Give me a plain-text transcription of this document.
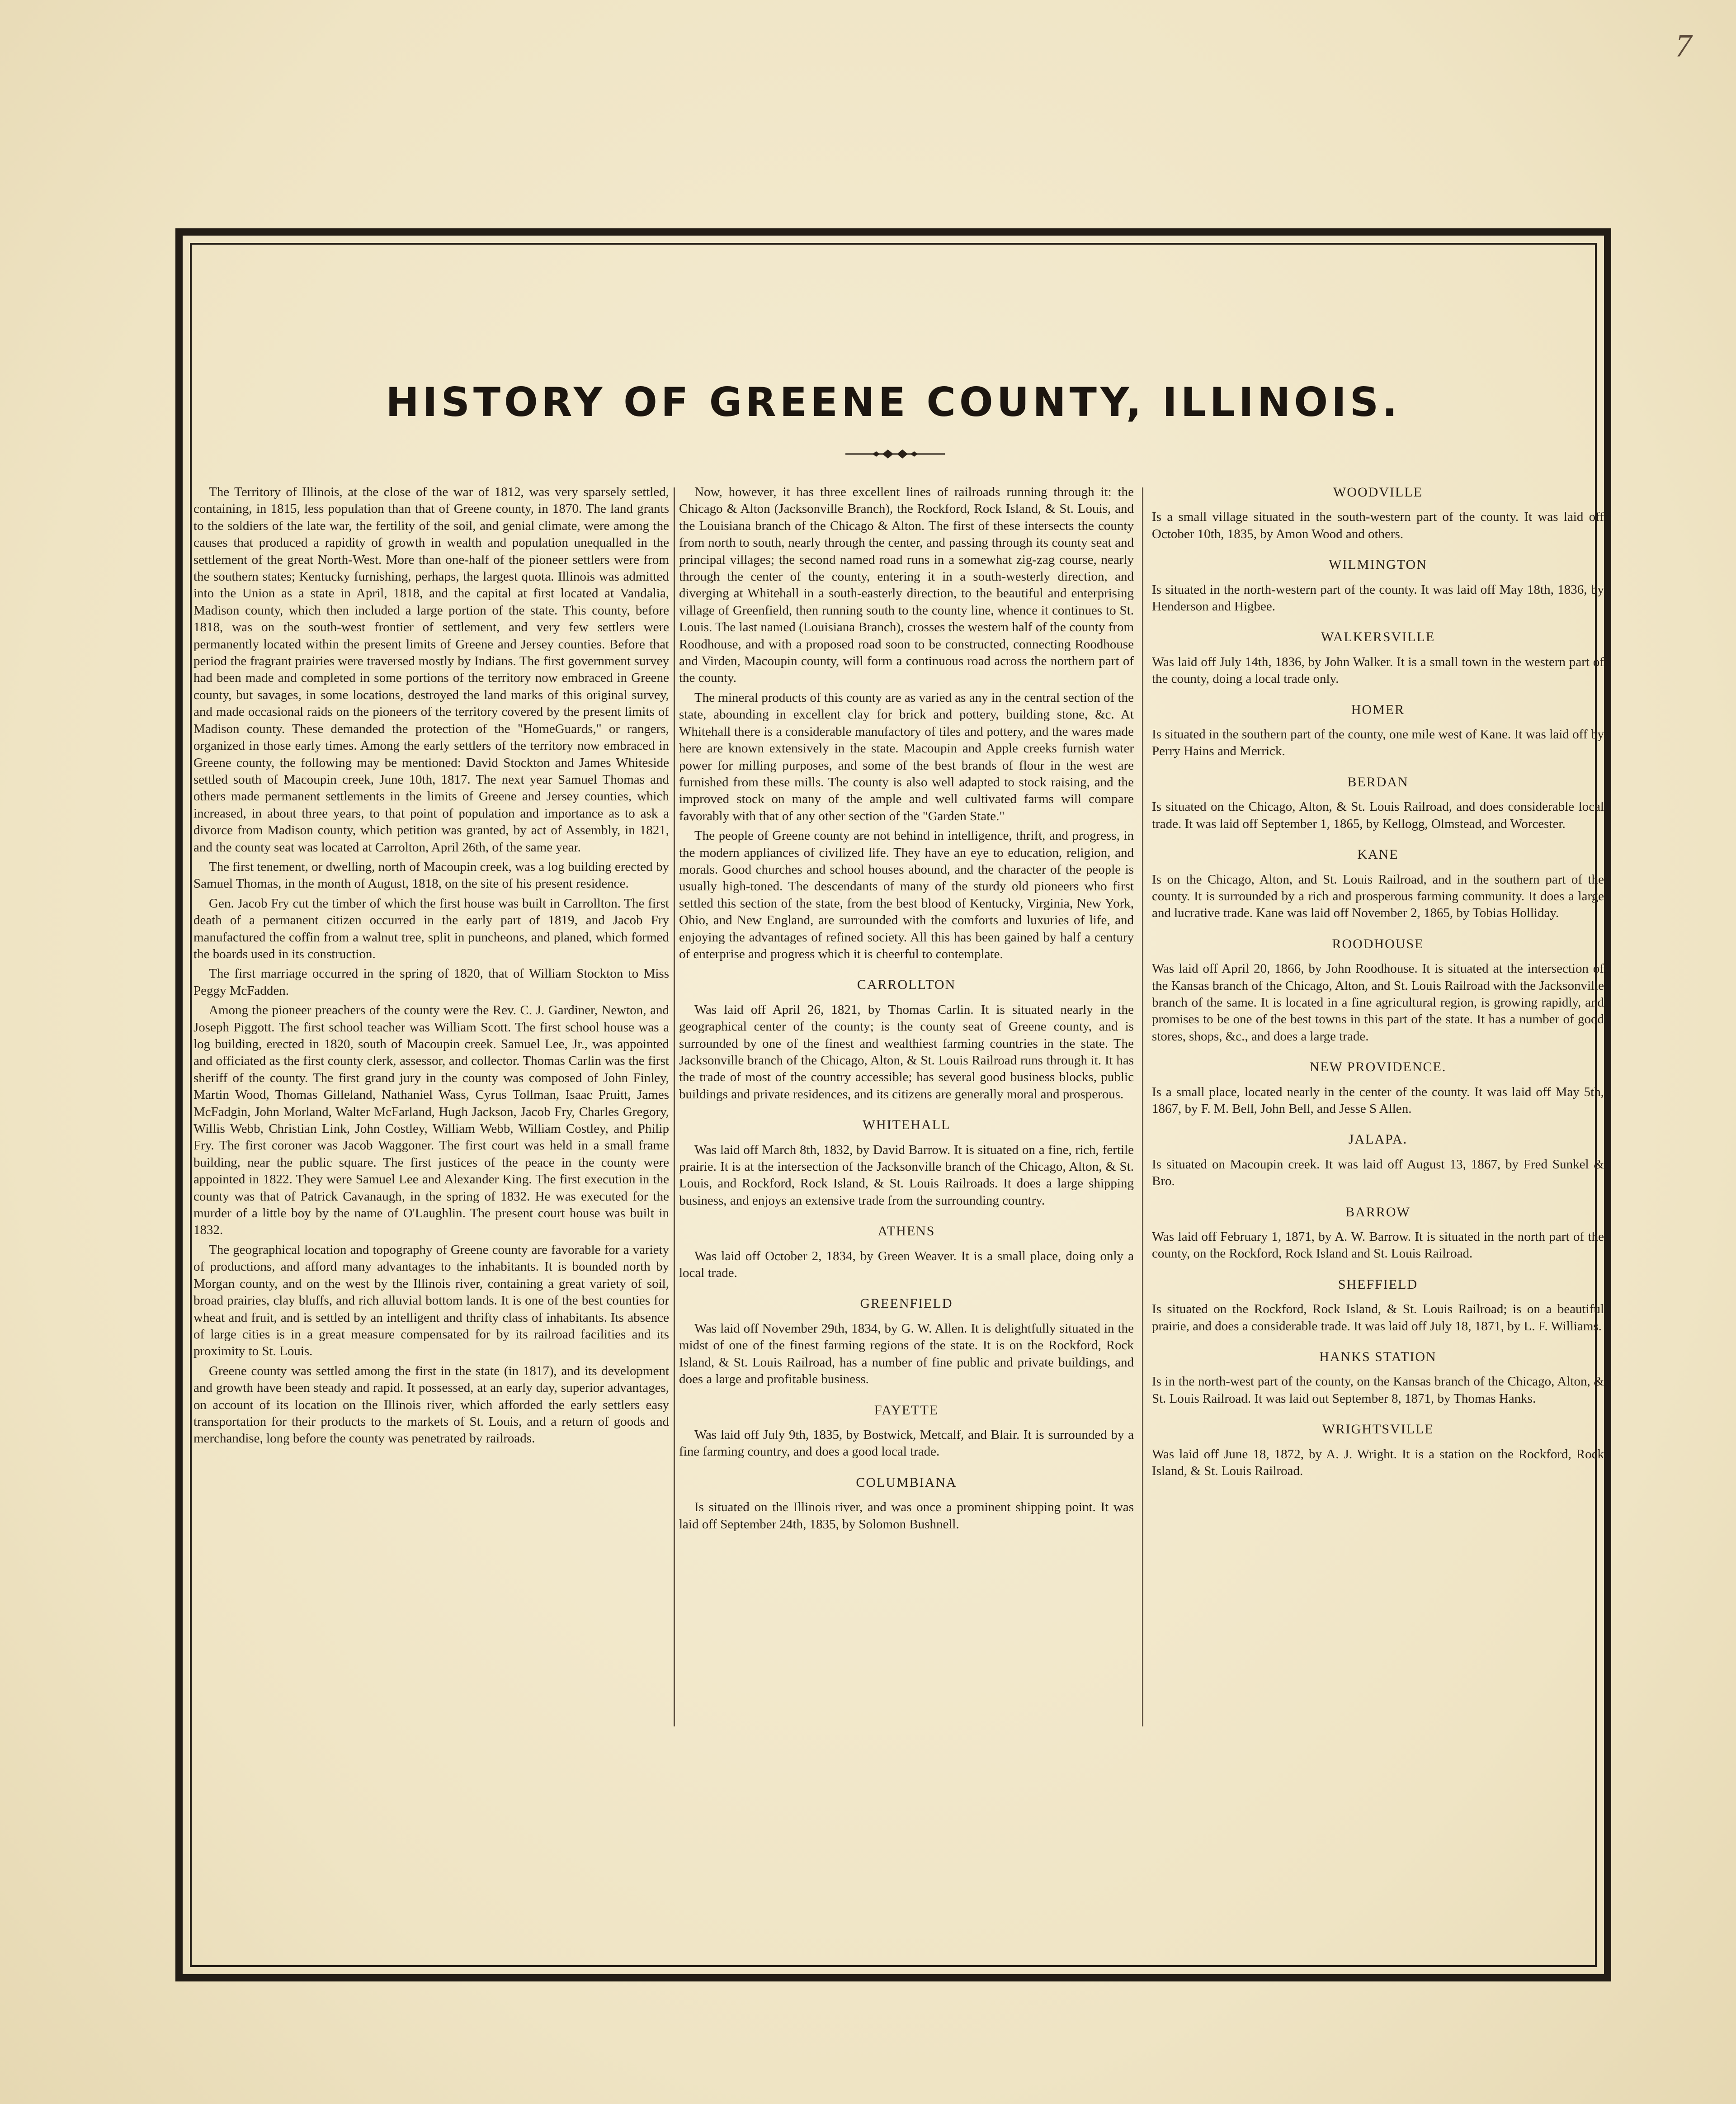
7
HISTORY OF GREENE COUNTY, ILLINOIS.

The Territory of Illinois, at the close of the war of 1812, was very sparsely settled, containing, in 1815, less population than that of Greene county, in 1870. The land grants to the soldiers of the late war, the fertility of the soil, and genial climate, were among the causes that produced a rapidity of growth in wealth and population unequalled in the settlement of the great North-West. More than one-half of the pioneer settlers were from the southern states; Kentucky furnishing, perhaps, the largest quota. Illinois was admitted into the Union as a state in April, 1818, and the capital at first located at Vandalia, Madison county, which then included a large portion of the state. This county, before 1818, was on the south-west frontier of settlement, and very few settlers were permanently located within the present limits of Greene and Jersey counties. Before that period the fragrant prairies were traversed mostly by Indians. The first government survey had been made and completed in some portions of the territory now embraced in Greene county, but savages, in some locations, destroyed the land marks of this original survey, and made occasional raids on the pioneers of the territory covered by the present limits of Madison county. These demanded the protection of the "HomeGuards," or rangers, organized in those early times. Among the early settlers of the territory now embraced in Greene county, the following may be mentioned: David Stockton and James Whiteside settled south of Macoupin creek, June 10th, 1817. The next year Samuel Thomas and others made permanent settlements in the limits of Greene and Jersey counties, which increased, in about three years, to that point of population and importance as to ask a divorce from Madison county, which petition was granted, by act of Assembly, in 1821, and the county seat was located at Carrolton, April 26th, of the same year.

The first tenement, or dwelling, north of Macoupin creek, was a log building erected by Samuel Thomas, in the month of August, 1818, on the site of his present residence.

Gen. Jacob Fry cut the timber of which the first house was built in Carrollton. The first death of a permanent citizen occurred in the early part of 1819, and Jacob Fry manufactured the coffin from a walnut tree, split in puncheons, and planed, which formed the boards used in its construction.

The first marriage occurred in the spring of 1820, that of William Stockton to Miss Peggy McFadden.

Among the pioneer preachers of the county were the Rev. C. J. Gardiner, Newton, and Joseph Piggott. The first school teacher was William Scott. The first school house was a log building, erected in 1820, south of Macoupin creek. Samuel Lee, Jr., was appointed and officiated as the first county clerk, assessor, and collector. Thomas Carlin was the first sheriff of the county. The first grand jury in the county was composed of John Finley, Martin Wood, Thomas Gilleland, Nathaniel Wass, Cyrus Tollman, Isaac Pruitt, James McFadgin, John Morland, Walter McFarland, Hugh Jackson, Jacob Fry, Charles Gregory, Willis Webb, Christian Link, John Costley, William Webb, William Costley, and Philip Fry. The first coroner was Jacob Waggoner. The first court was held in a small frame building, near the public square. The first justices of the peace in the county were appointed in 1822. They were Samuel Lee and Alexander King. The first execution in the county was that of Patrick Cavanaugh, in the spring of 1832. He was executed for the murder of a little boy by the name of O'Laughlin. The present court house was built in 1832.

The geographical location and topography of Greene county are favorable for a variety of productions, and afford many advantages to the inhabitants. It is bounded north by Morgan county, and on the west by the Illinois river, containing a great variety of soil, broad prairies, clay bluffs, and rich alluvial bottom lands. It is one of the best counties for wheat and fruit, and is settled by an intelligent and thrifty class of inhabitants. Its absence of large cities is in a great measure compensated for by its railroad facilities and its proximity to St. Louis.

Greene county was settled among the first in the state (in 1817), and its development and growth have been steady and rapid. It possessed, at an early day, superior advantages, on account of its location on the Illinois river, which afforded the early settlers easy transportation for their products to the markets of St. Louis, and a return of goods and merchandise, long before the county was penetrated by railroads.

Now, however, it has three excellent lines of railroads running through it: the Chicago & Alton (Jacksonville Branch), the Rockford, Rock Island, & St. Louis, and the Louisiana branch of the Chicago & Alton. The first of these intersects the county from north to south, nearly through the center, and passing through its county seat and principal villages; the second named road runs in a somewhat zig-zag course, nearly through the center of the county, entering it in a south-westerly direction, and diverging at Whitehall in a south-easterly direction, to the beautiful and enterprising village of Greenfield, then running south to the county line, whence it continues to St. Louis. The last named (Louisiana Branch), crosses the western half of the county from Roodhouse, and with a proposed road soon to be constructed, connecting Roodhouse and Virden, Macoupin county, will form a continuous road across the northern part of the county.

The mineral products of this county are as varied as any in the central section of the state, abounding in excellent clay for brick and pottery, building stone, &c. At Whitehall there is a considerable manufactory of tiles and pottery, and the wares made here are known extensively in the state. Macoupin and Apple creeks furnish water power for milling purposes, and some of the best brands of flour in the west are furnished from these mills. The county is also well adapted to stock raising, and the improved stock on many of the ample and well cultivated farms will compare favorably with that of any other section of the "Garden State."

The people of Greene county are not behind in intelligence, thrift, and progress, in the modern appliances of civilized life. They have an eye to education, religion, and morals. Good churches and school houses abound, and the character of the people is usually high-toned. The descendants of many of the sturdy old pioneers who first settled this section of the state, from the best blood of Kentucky, Virginia, New York, Ohio, and New England, are surrounded with the comforts and luxuries of life, and enjoying the advantages of refined society. All this has been gained by half a century of enterprise and progress which it is cheerful to contemplate.

CARROLLTON

Was laid off April 26, 1821, by Thomas Carlin. It is situated nearly in the geographical center of the county; is the county seat of Greene county, and is surrounded by one of the finest and wealthiest farming countries in the state. The Jacksonville branch of the Chicago, Alton, & St. Louis Railroad runs through it. It has the trade of most of the country accessible; has several good business blocks, public buildings and private residences, and its citizens are generally moral and prosperous.

WHITEHALL

Was laid off March 8th, 1832, by David Barrow. It is situated on a fine, rich, fertile prairie. It is at the intersection of the Jacksonville branch of the Chicago, Alton, & St. Louis, and Rockford, Rock Island, & St. Louis Railroads. It does a large shipping business, and enjoys an extensive trade from the surrounding country.

ATHENS

Was laid off October 2, 1834, by Green Weaver. It is a small place, doing only a local trade.

GREENFIELD

Was laid off November 29th, 1834, by G. W. Allen. It is delightfully situated in the midst of one of the finest farming regions of the state. It is on the Rockford, Rock Island, & St. Louis Railroad, has a number of fine public and private buildings, and does a large and profitable business.

FAYETTE

Was laid off July 9th, 1835, by Bostwick, Metcalf, and Blair. It is surrounded by a fine farming country, and does a good local trade.

COLUMBIANA

Is situated on the Illinois river, and was once a prominent shipping point. It was laid off September 24th, 1835, by Solomon Bushnell.

WOODVILLE

Is a small village situated in the south-western part of the county. It was laid off October 10th, 1835, by Amon Wood and others.

WILMINGTON

Is situated in the north-western part of the county. It was laid off May 18th, 1836, by Henderson and Higbee.

WALKERSVILLE

Was laid off July 14th, 1836, by John Walker. It is a small town in the western part of the county, doing a local trade only.

HOMER

Is situated in the southern part of the county, one mile west of Kane. It was laid off by Perry Hains and Merrick.

BERDAN

Is situated on the Chicago, Alton, & St. Louis Railroad, and does considerable local trade. It was laid off September 1, 1865, by Kellogg, Olmstead, and Worcester.

KANE

Is on the Chicago, Alton, and St. Louis Railroad, and in the southern part of the county. It is surrounded by a rich and prosperous farming community. It does a large and lucrative trade. Kane was laid off November 2, 1865, by Tobias Holliday.

ROODHOUSE

Was laid off April 20, 1866, by John Roodhouse. It is situated at the intersection of the Kansas branch of the Chicago, Alton, and St. Louis Railroad with the Jacksonville branch of the same. It is located in a fine agricultural region, is growing rapidly, and promises to be one of the best towns in this part of the state. It has a number of good stores, shops, &c., and does a large trade.

NEW PROVIDENCE.

Is a small place, located nearly in the center of the county. It was laid off May 5th, 1867, by F. M. Bell, John Bell, and Jesse S Allen.

JALAPA.

Is situated on Macoupin creek. It was laid off August 13, 1867, by Fred Sunkel & Bro.

BARROW

Was laid off February 1, 1871, by A. W. Barrow. It is situated in the north part of the county, on the Rockford, Rock Island and St. Louis Railroad.

SHEFFIELD

Is situated on the Rockford, Rock Island, & St. Louis Railroad; is on a beautiful prairie, and does a considerable trade. It was laid off July 18, 1871, by L. F. Williams.

HANKS STATION

Is in the north-west part of the county, on the Kansas branch of the Chicago, Alton, & St. Louis Railroad. It was laid out September 8, 1871, by Thomas Hanks.

WRIGHTSVILLE

Was laid off June 18, 1872, by A. J. Wright. It is a station on the Rockford, Rock Island, & St. Louis Railroad.
